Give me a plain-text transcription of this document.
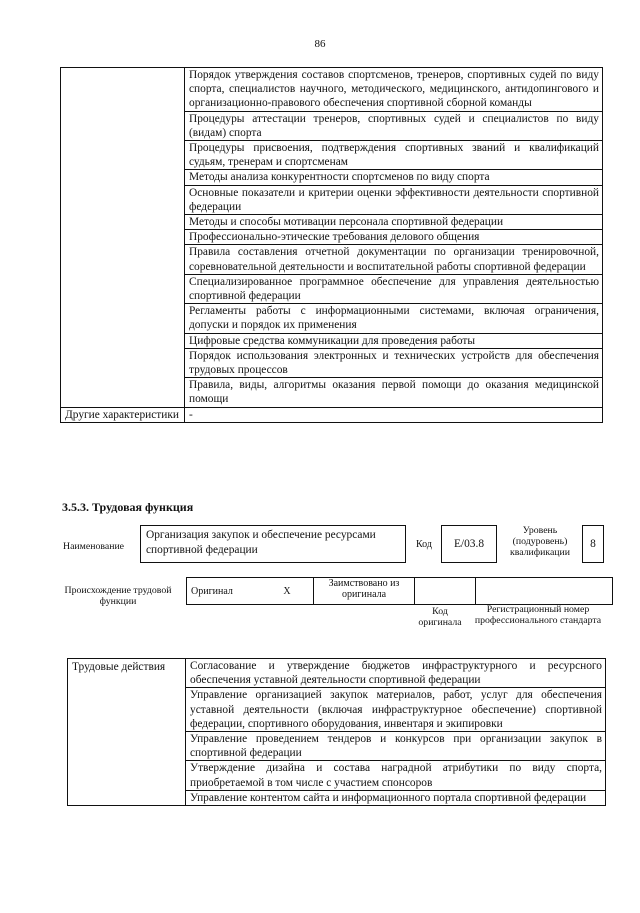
86
	Порядок утверждения составов спортсменов, тренеров, спортивных судей по виду спорта, специалистов научного, методического, медицинского, антидопингового и организационно-правового обеспечения спортивной сборной команды
	Процедуры аттестации тренеров, спортивных судей и специалистов по виду (видам) спорта
	Процедуры присвоения, подтверждения спортивных званий и квалификаций судьям, тренерам и спортсменам
	Методы анализа конкурентности спортсменов по виду спорта
	Основные показатели и критерии оценки эффективности деятельности спортивной федерации
	Методы и способы мотивации персонала спортивной федерации
	Профессионально-этические требования делового общения
	Правила составления отчетной документации по организации тренировочной, соревновательной деятельности и воспитательной работы спортивной федерации
	Специализированное программное обеспечение для управления деятельностью спортивной федерации
	Регламенты работы с информационными системами, включая ограничения, допуски и порядок их применения
	Цифровые средства коммуникации для проведения работы
	Порядок использования электронных и технических устройств для обеспечения трудовых процессов
	Правила, виды, алгоритмы оказания первой помощи до оказания медицинской помощи
Другие характеристики	-
3.5.3. Трудовая функция
Наименование
Организация закупок и обеспечение ресурсами спортивной федерации	Код	E/03.8
Уровень (подуровень) квалификации
8
Происхождение трудовой функции
Оригинал	X	Заимствовано из оригинала		
Код оригинала
Регистрационный номер профессионального стандарта
Трудовые действия	Согласование и утверждение бюджетов инфраструктурного и ресурсного обеспечения уставной деятельности спортивной федерации
Управление организацией закупок материалов, работ, услуг для обеспечения уставной деятельности (включая инфраструктурное обеспечение) спортивной федерации, спортивного оборудования, инвентаря и экипировки
Управление проведением тендеров и конкурсов при организации закупок в спортивной федерации
Утверждение дизайна и состава наградной атрибутики по виду спорта, приобретаемой в том числе с участием спонсоров
Управление контентом сайта и информационного портала спортивной федерации
